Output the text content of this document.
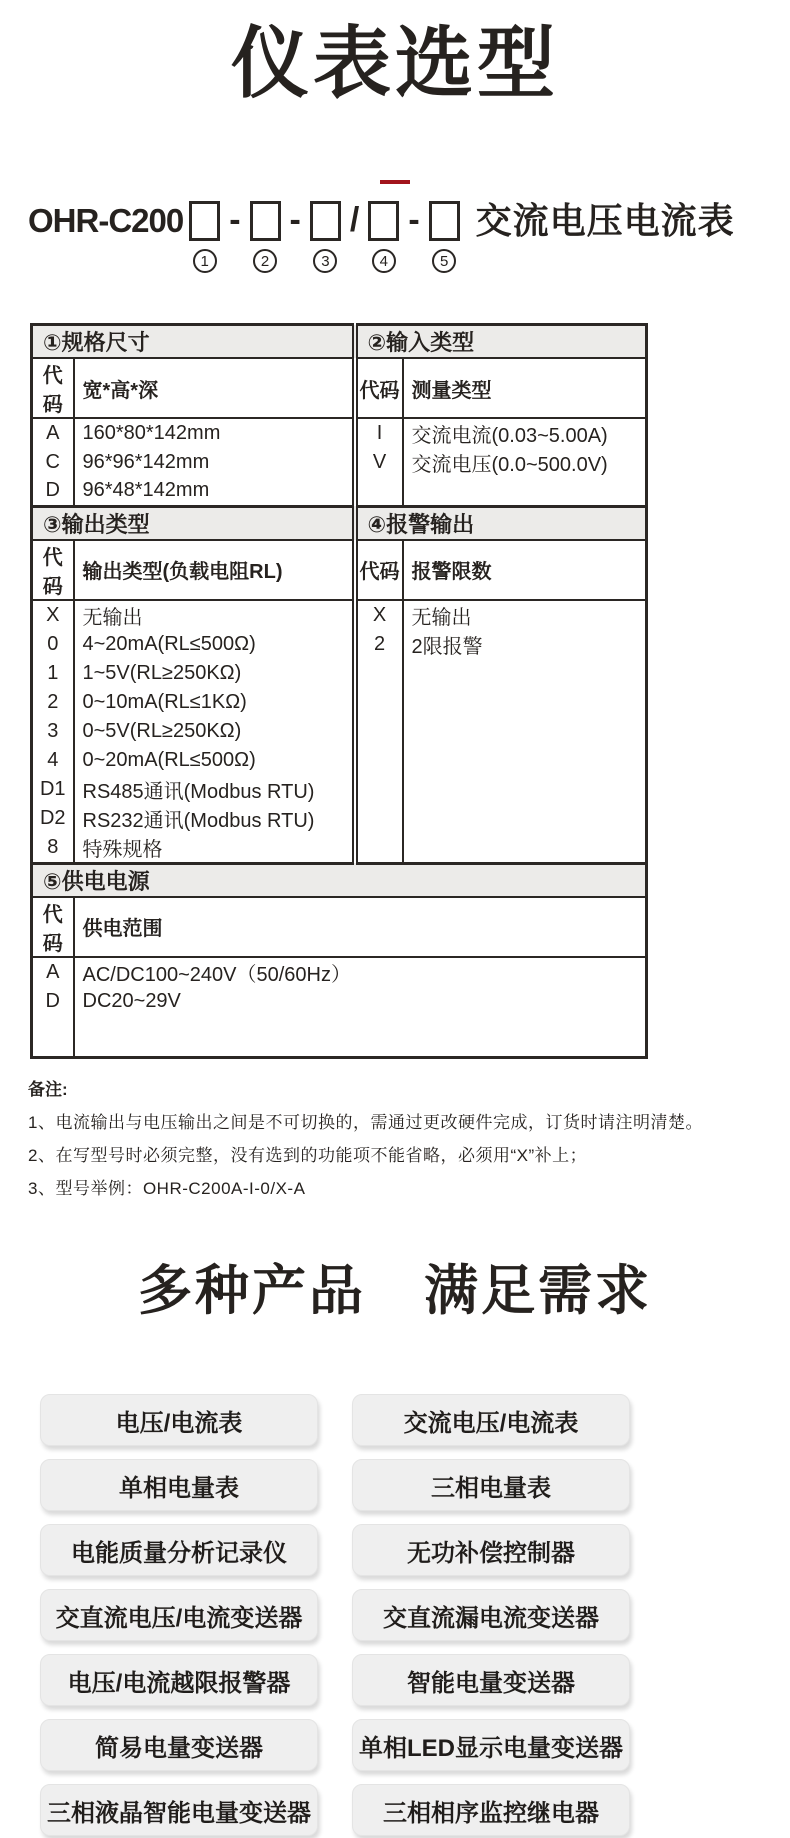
仪表选型
OHR-C200
1
-
2
-
3
/
4
-
5
交流电压电流表
①规格尺寸		②输入类型	
代码	宽*高*深	代码	测量类型
A	160*80*142mm	I	交流电流(0.03~5.00A)
C	96*96*142mm	V	交流电压(0.0~500.0V)
D	96*48*142mm		
③输出类型		④报警输出	
代码	输出类型(负载电阻RL)	代码	报警限数
X	无输出	X	无输出
0	4~20mA(RL≤500Ω)	2	2限报警
1	1~5V(RL≥250KΩ)		
2	0~10mA(RL≤1KΩ)		
3	0~5V(RL≥250KΩ)		
4	0~20mA(RL≤500Ω)		
D1	RS485通讯(Modbus RTU)		
D2	RS232通讯(Modbus RTU)		
8	特殊规格		
⑤供电电源			
代码	供电范围		
A	AC/DC100~240V（50/60Hz）		
D	DC20~29V		

备注:
1、电流输出与电压输出之间是不可切换的，需通过更改硬件完成，订货时请注明清楚。
2、在写型号时必须完整，没有选到的功能项不能省略，必须用“X”补上；
3、型号举例：OHR-C200A-I-0/X-A
多种产品 满足需求
电压/电流表	交流电压/电流表
单相电量表	三相电量表
电能质量分析记录仪	无功补偿控制器
交直流电压/电流变送器	交直流漏电流变送器
电压/电流越限报警器	智能电量变送器
简易电量变送器	单相LED显示电量变送器
三相液晶智能电量变送器	三相相序监控继电器
